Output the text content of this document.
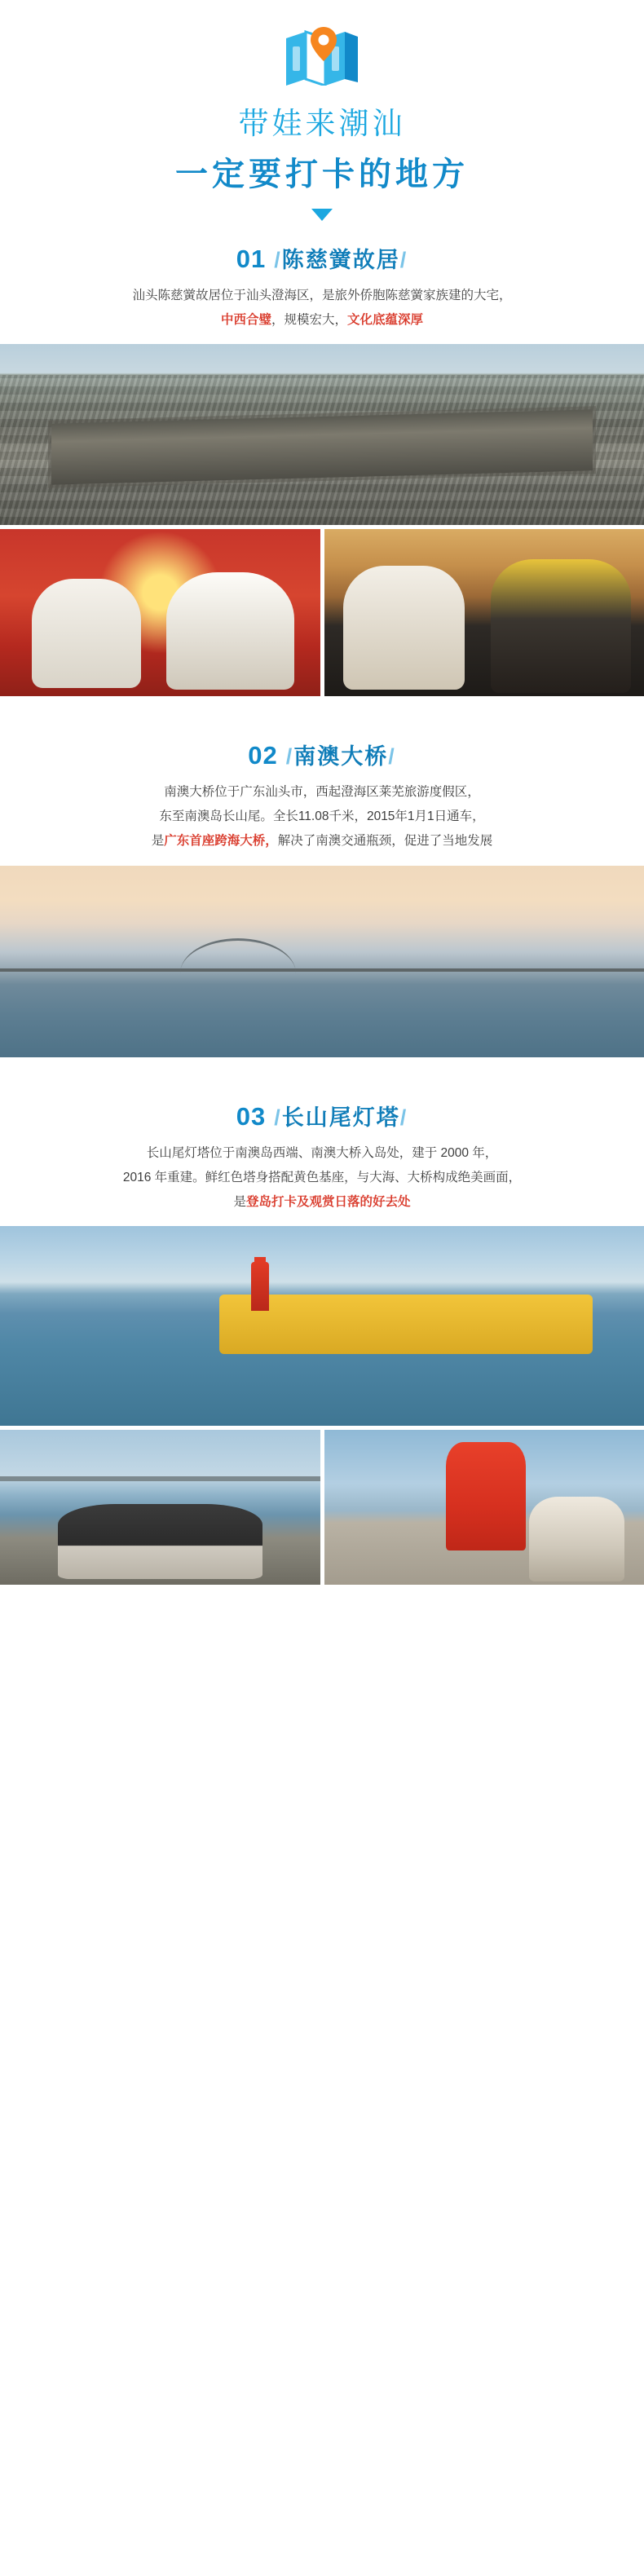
带娃来潮汕
一定要打卡的地方
01 /陈慈黉故居/
汕头陈慈黉故居位于汕头澄海区，是旅外侨胞陈慈黉家族建的大宅，
中西合璧，规模宏大，文化底蕴深厚
02 /南澳大桥/
南澳大桥位于广东汕头市，西起澄海区莱芜旅游度假区，
东至南澳岛长山尾。全长11.08千米，2015年1月1日通车，
是广东首座跨海大桥，解决了南澳交通瓶颈，促进了当地发展
03 /长山尾灯塔/
长山尾灯塔位于南澳岛西端、南澳大桥入岛处，建于 2000 年，
2016 年重建。鲜红色塔身搭配黄色基座，与大海、大桥构成绝美画面，
是登岛打卡及观赏日落的好去处
